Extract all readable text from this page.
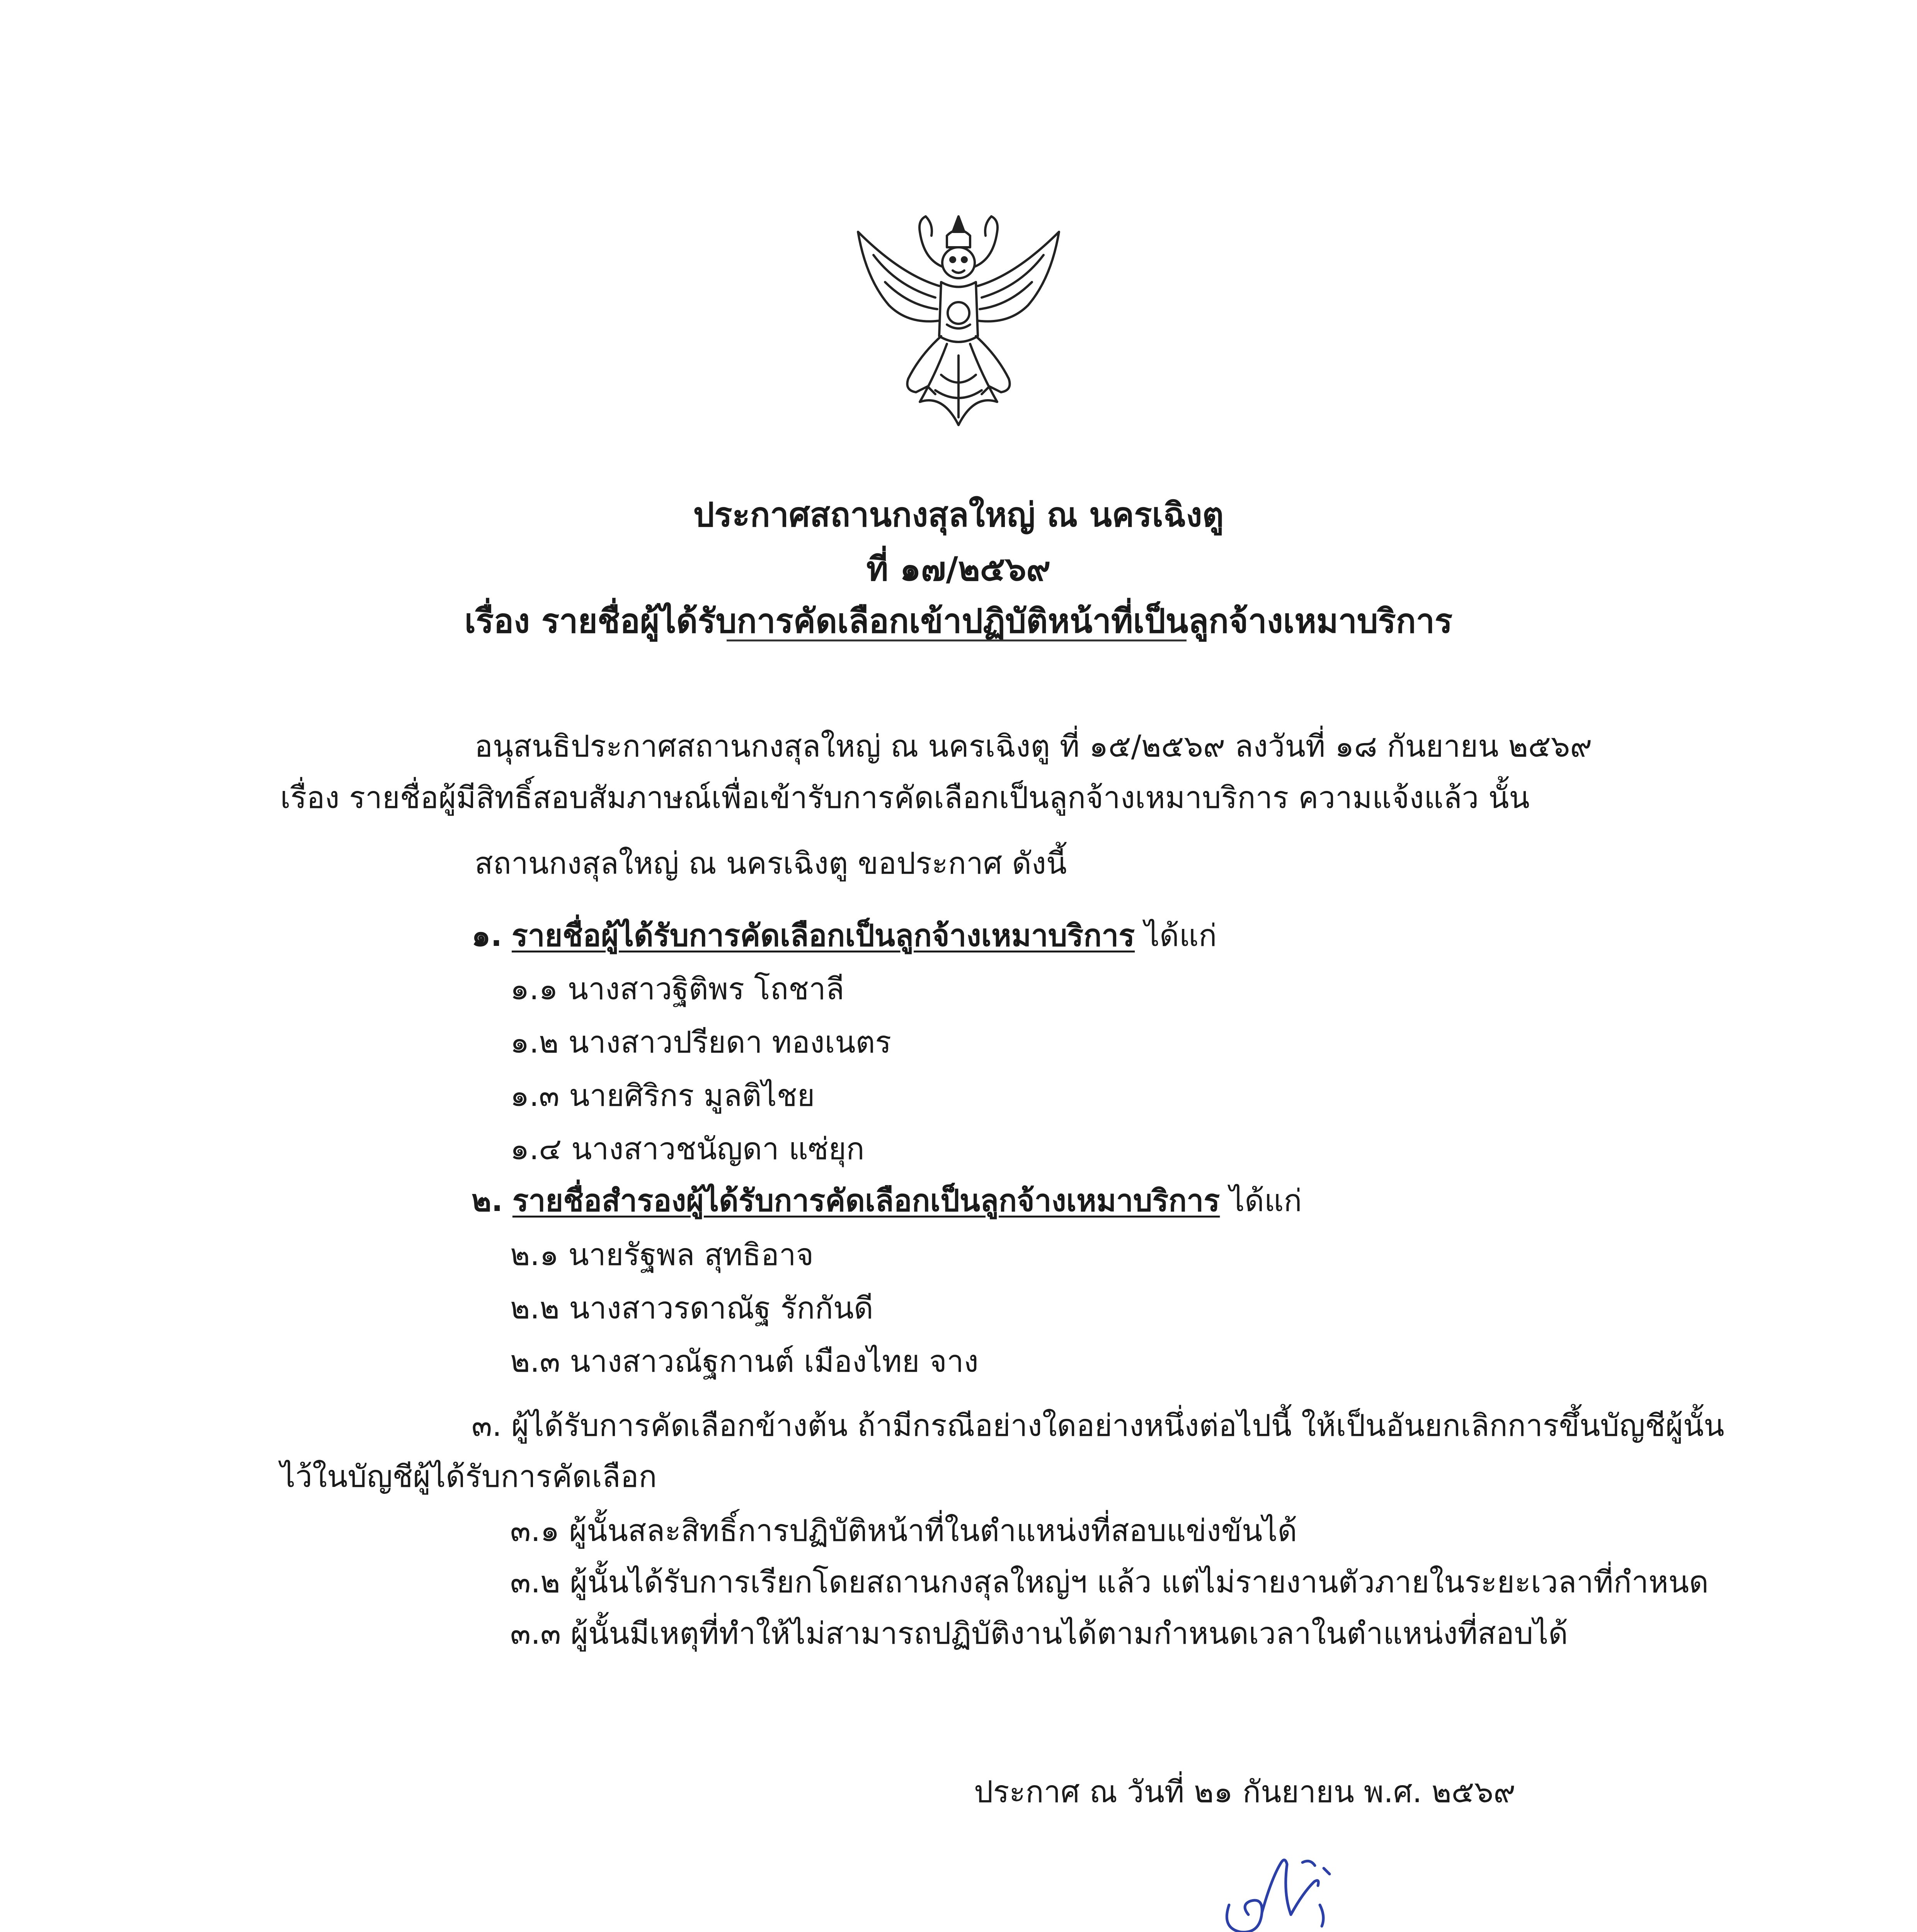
ประกาศสถานกงสุลใหญ่ ณ นครเฉิงตู
ที่ ๑๗/๒๕๖๙
เรื่อง รายชื่อผู้ได้รับการคัดเลือกเข้าปฏิบัติหน้าที่เป็นลูกจ้างเหมาบริการ
อนุสนธิประกาศสถานกงสุลใหญ่ ณ นครเฉิงตู ที่ ๑๕/๒๕๖๙ ลงวันที่ ๑๘ กันยายน ๒๕๖๙
เรื่อง รายชื่อผู้มีสิทธิ์สอบสัมภาษณ์เพื่อเข้ารับการคัดเลือกเป็นลูกจ้างเหมาบริการ ความแจ้งแล้ว นั้น
สถานกงสุลใหญ่ ณ นครเฉิงตู ขอประกาศ ดังนี้
๑. รายชื่อผู้ได้รับการคัดเลือกเป็นลูกจ้างเหมาบริการ ได้แก่
๑.๑ นางสาวฐิติพร โถชาลี
๑.๒ นางสาวปรียดา ทองเนตร
๑.๓ นายศิริกร มูลติไชย
๑.๔ นางสาวชนัญดา แซ่ยุก
๒. รายชื่อสำรองผู้ได้รับการคัดเลือกเป็นลูกจ้างเหมาบริการ ได้แก่
๒.๑ นายรัฐพล สุทธิอาจ
๒.๒ นางสาวรดาณัฐ รักกันดี
๒.๓ นางสาวณัฐกานต์ เมืองไทย จาง
๓. ผู้ได้รับการคัดเลือกข้างต้น ถ้ามีกรณีอย่างใดอย่างหนึ่งต่อไปนี้ ให้เป็นอันยกเลิกการขึ้นบัญชีผู้นั้น
ไว้ในบัญชีผู้ได้รับการคัดเลือก
๓.๑ ผู้นั้นสละสิทธิ์การปฏิบัติหน้าที่ในตำแหน่งที่สอบแข่งขันได้
๓.๒ ผู้นั้นได้รับการเรียกโดยสถานกงสุลใหญ่ฯ แล้ว แต่ไม่รายงานตัวภายในระยะเวลาที่กำหนด
๓.๓ ผู้นั้นมีเหตุที่ทำให้ไม่สามารถปฏิบัติงานได้ตามกำหนดเวลาในตำแหน่งที่สอบได้
ประกาศ ณ วันที่ ๒๑ กันยายน พ.ศ. ๒๕๖๙
